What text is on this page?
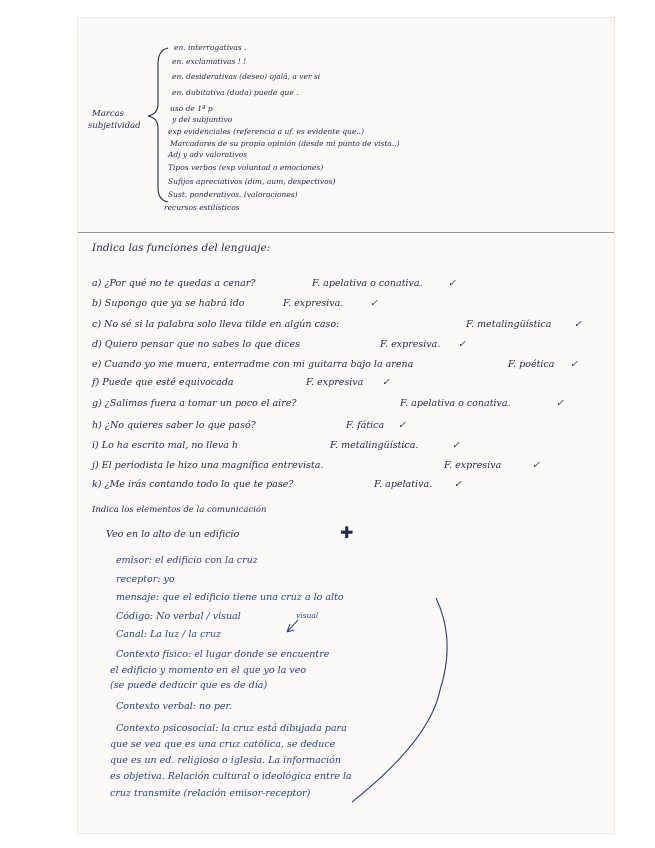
Marcas
subjetividad
en. interrogativas .
en. exclamativas ! !
en. desiderativas (deseo) ojalá, a ver si
en. dubitativa (duda) puede que .
uso de 1ª p
y del subjuntivo
exp evidenciales (referencia a uf. es evidente que..)
Marcadores de su propia opinión (desde mi punto de vista..)
Adj y adv valorativos
Tipos verbos (exp voluntad o emociones)
Sufijos apreciativos (dim, aum, despectivos)
Sust. ponderativos. (valoraciones)
recursos estilísticos
Indica las funciones del lenguaje:
a) ¿Por qué no te quedas a cenar?	F. apelativa o conativa.	✓
b) Supongo que ya se habrá ido	F. expresiva.	✓
c) No sé si la palabra solo lleva tilde en algún caso:	F. metalingüística ✓
d) Quiero pensar que no sabes lo que dices	F. expresiva. ✓
e) Cuando yo me muera, enterradme con mi guitarra bajo la arena	F. poética ✓
f) Puede que esté equivocada	F. expresiva ✓
g) ¿Salimos fuera a tomar un poco el aire?	F. apelativa o conativa.	✓
h) ¿No quieres saber lo que pasó?	F. fática ✓
i) Lo ha escrito mal, no lleva h	F. metalingüística.	✓
j) El periodista le hizo una magnífica entrevista.	F. expresiva	✓
k) ¿Me irás contando todo lo que te pase?	F. apelativa. ✓
Indica los elementos de la comunicación
Veo en lo alto de un edificio	✚
emisor: el edificio con la cruz
receptor: yo
mensaje: que el edificio tiene una cruz a lo alto
Código: No verbal / visual
Canal: La luz / la cruz
visual
Contexto físico: el lugar donde se encuentre
el edificio y momento en el que yo la veo
(se puede deducir que es de día)
Contexto verbal: no per.
Contexto psicosocial: la cruz está dibujada para
que se vea que es una cruz católica, se deduce
que es un ed. religioso o iglesia. La información
es objetiva. Relación cultural o ideológica entre la
cruz transmite (relación emisor-receptor)
